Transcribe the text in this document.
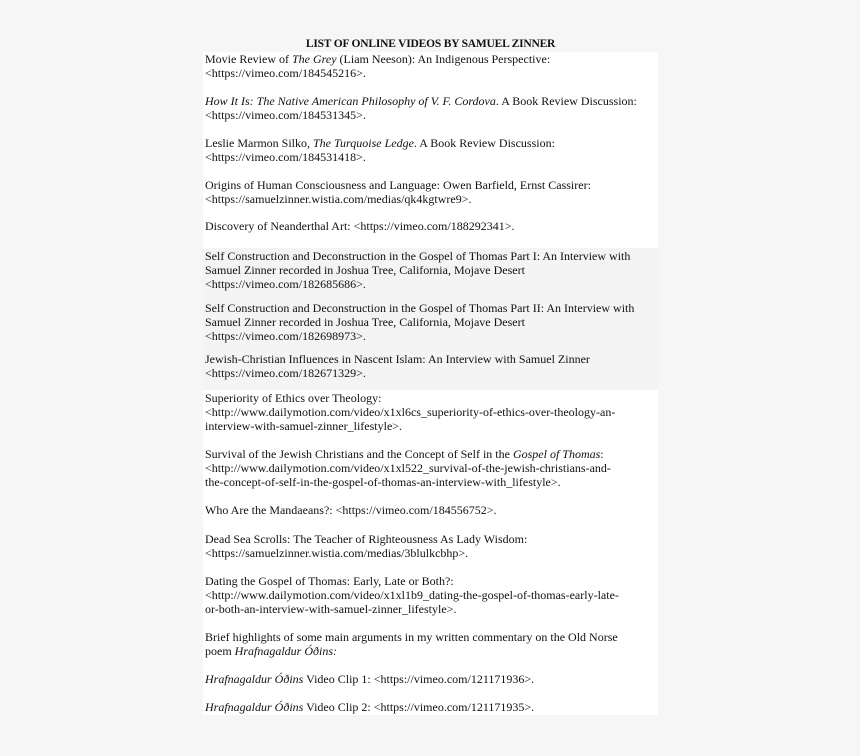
LIST OF ONLINE VIDEOS BY SAMUEL ZINNER
Movie Review of The Grey (Liam Neeson): An Indigenous Perspective:
<https://vimeo.com/184545216>.
How It Is: The Native American Philosophy of V. F. Cordova. A Book Review Discussion:
<https://vimeo.com/184531345>.
Leslie Marmon Silko, The Turquoise Ledge. A Book Review Discussion:
<https://vimeo.com/184531418>.
Origins of Human Consciousness and Language: Owen Barfield, Ernst Cassirer:
<https://samuelzinner.wistia.com/medias/qk4kgtwre9>.
Discovery of Neanderthal Art: <https://vimeo.com/188292341>.
Self Construction and Deconstruction in the Gospel of Thomas Part I: An Interview with
Samuel Zinner recorded in Joshua Tree, California, Mojave Desert
<https://vimeo.com/182685686>.
Self Construction and Deconstruction in the Gospel of Thomas Part II: An Interview with
Samuel Zinner recorded in Joshua Tree, California, Mojave Desert
<https://vimeo.com/182698973>.
Jewish-Christian Influences in Nascent Islam: An Interview with Samuel Zinner
<https://vimeo.com/182671329>.
Superiority of Ethics over Theology:
<http://www.dailymotion.com/video/x1xl6cs_superiority-of-ethics-over-theology-an-
interview-with-samuel-zinner_lifestyle>.
Survival of the Jewish Christians and the Concept of Self in the Gospel of Thomas:
<http://www.dailymotion.com/video/x1xl522_survival-of-the-jewish-christians-and-
the-concept-of-self-in-the-gospel-of-thomas-an-interview-with_lifestyle>.
Who Are the Mandaeans?: <https://vimeo.com/184556752>.
Dead Sea Scrolls: The Teacher of Righteousness As Lady Wisdom:
<https://samuelzinner.wistia.com/medias/3blulkcbhp>.
Dating the Gospel of Thomas: Early, Late or Both?:
<http://www.dailymotion.com/video/x1xl1b9_dating-the-gospel-of-thomas-early-late-
or-both-an-interview-with-samuel-zinner_lifestyle>.
Brief highlights of some main arguments in my written commentary on the Old Norse
poem Hrafnagaldur Óðins:
Hrafnagaldur Óðins Video Clip 1: <https://vimeo.com/121171936>.
Hrafnagaldur Óðins Video Clip 2: <https://vimeo.com/121171935>.
